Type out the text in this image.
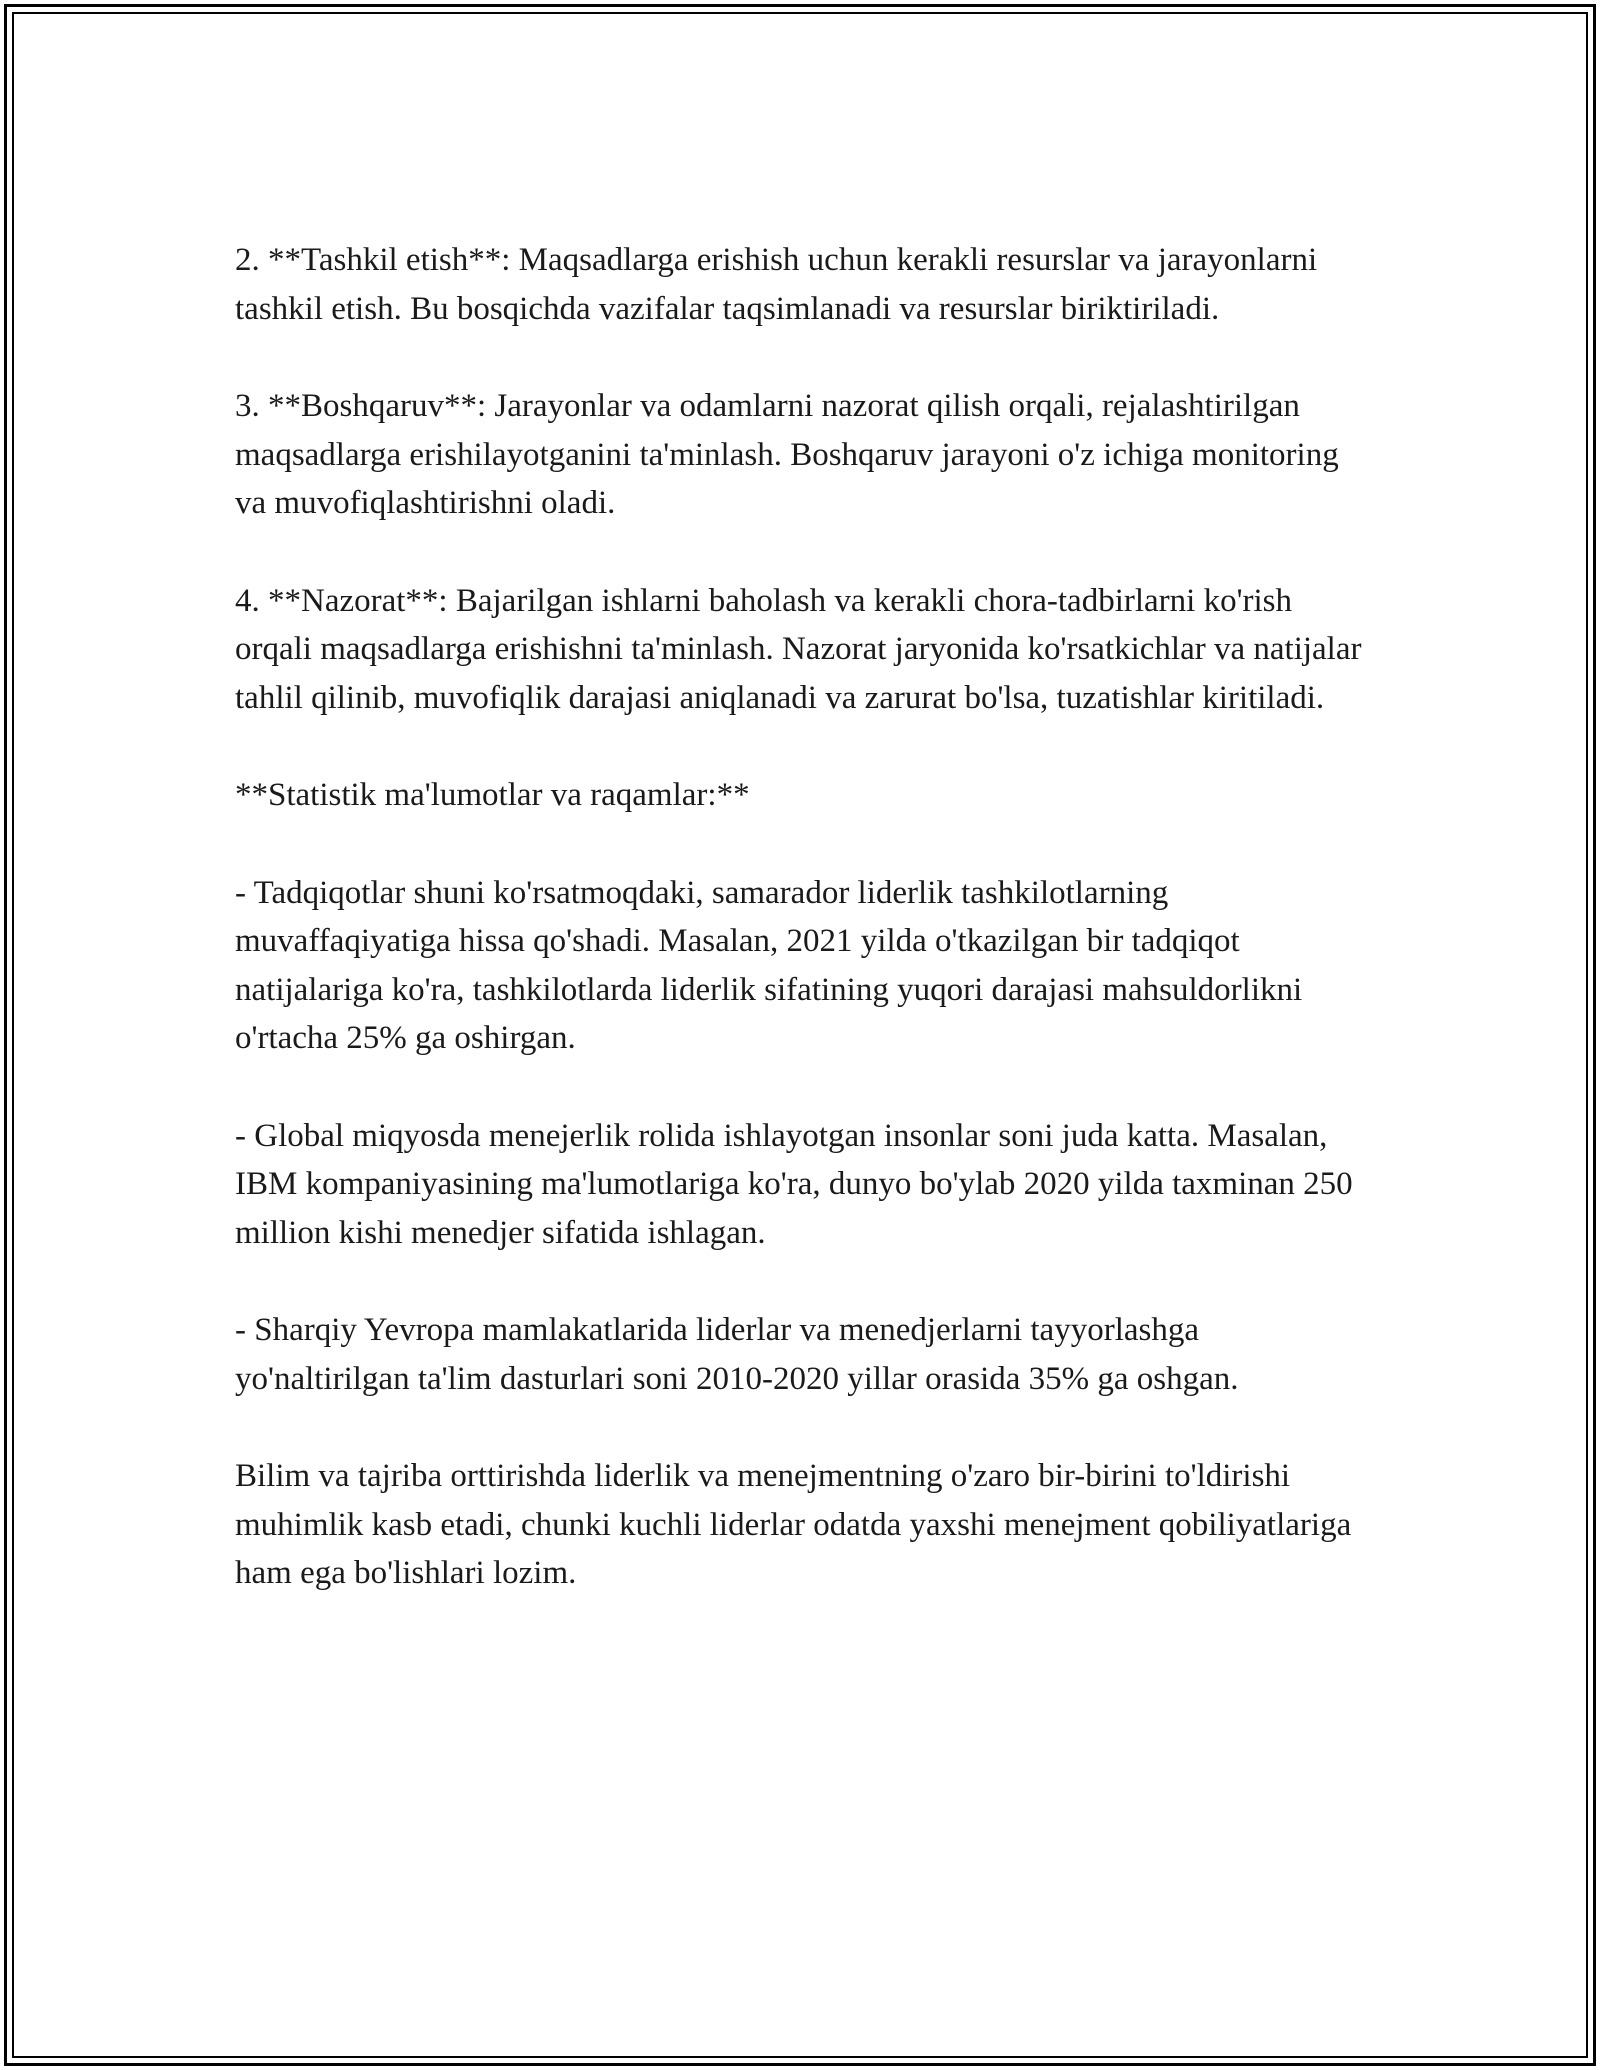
2. **Tashkil etish**: Maqsadlarga erishish uchun kerakli resurslar va jarayonlarni tashkil etish. Bu bosqichda vazifalar taqsimlanadi va resurslar biriktiriladi.

3. **Boshqaruv**: Jarayonlar va odamlarni nazorat qilish orqali, rejalashtirilgan maqsadlarga erishilayotganini ta'minlash. Boshqaruv jarayoni o'z ichiga monitoring va muvofiqlashtirishni oladi.

4. **Nazorat**: Bajarilgan ishlarni baholash va kerakli chora-tadbirlarni ko'rish orqali maqsadlarga erishishni ta'minlash. Nazorat jaryonida ko'rsatkichlar va natijalar tahlil qilinib, muvofiqlik darajasi aniqlanadi va zarurat bo'lsa, tuzatishlar kiritiladi.

**Statistik ma'lumotlar va raqamlar:**

- Tadqiqotlar shuni ko'rsatmoqdaki, samarador liderlik tashkilotlarning muvaffaqiyatiga hissa qo'shadi. Masalan, 2021 yilda o'tkazilgan bir tadqiqot natijalariga ko'ra, tashkilotlarda liderlik sifatining yuqori darajasi mahsuldorlikni o'rtacha 25% ga oshirgan.

- Global miqyosda menejerlik rolida ishlayotgan insonlar soni juda katta. Masalan, IBM kompaniyasining ma'lumotlariga ko'ra, dunyo bo'ylab 2020 yilda taxminan 250 million kishi menedjer sifatida ishlagan.

- Sharqiy Yevropa mamlakatlarida liderlar va menedjerlarni tayyorlashga yo'naltirilgan ta'lim dasturlari soni 2010-2020 yillar orasida 35% ga oshgan.

Bilim va tajriba orttirishda liderlik va menejmentning o'zaro bir-birini to'ldirishi muhimlik kasb etadi, chunki kuchli liderlar odatda yaxshi menejment qobiliyatlariga ham ega bo'lishlari lozim.
